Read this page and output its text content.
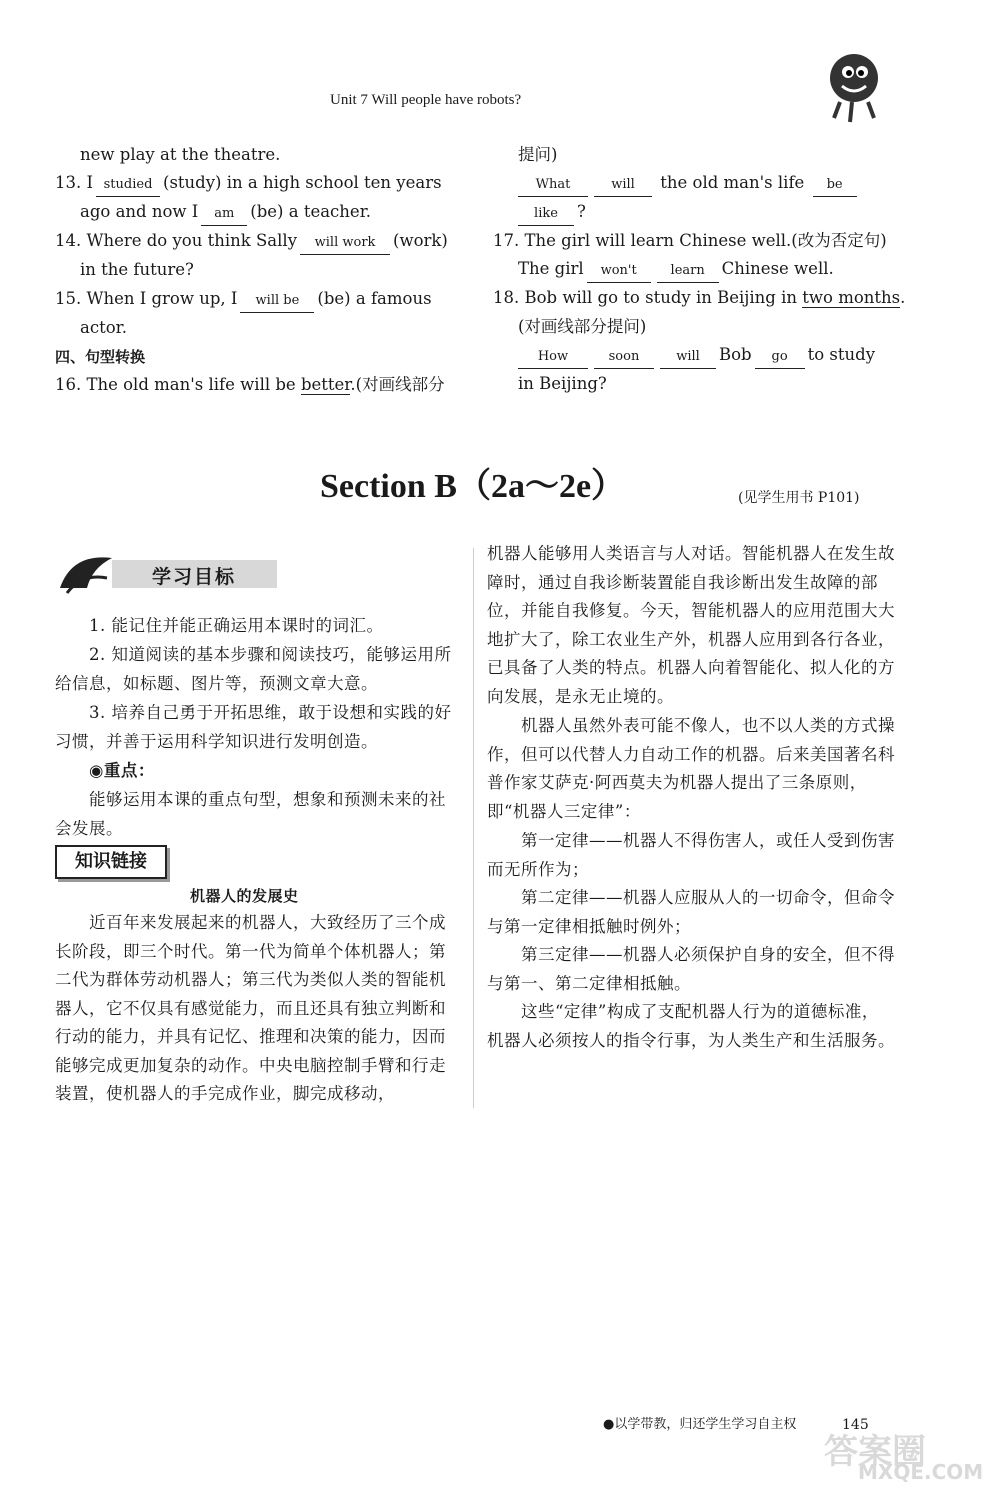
Unit 7 Will people have robots?
new play at the theatre.
13. I studied (study) in a high school ten years
ago and now I am (be) a teacher.
14. Where do you think Sally will work (work)
in the future?
15. When I grow up, I will be (be) a famous
actor.
四、句型转换
16. The old man's life will be better.(对画线部分
提问)
What	will the old man's life be
like ?
17. The girl will learn Chinese well.(改为否定句)
The girl won't	learn Chinese well.
18. Bob will go to study in Beijing in two months.
(对画线部分提问)
How	soon	will Bob go to study
in Beijing?
Section B（2a～2e）	(见学生用书 P101)
学习目标
1. 能记住并能正确运用本课时的词汇。
2. 知道阅读的基本步骤和阅读技巧，能够运用所给信息，如标题、图片等，预测文章大意。
3. 培养自己勇于开拓思维，敢于设想和实践的好习惯，并善于运用科学知识进行发明创造。
◉重点：
能够运用本课的重点句型，想象和预测未来的社会发展。
知识链接
机器人的发展史
近百年来发展起来的机器人，大致经历了三个成长阶段，即三个时代。第一代为简单个体机器人；第二代为群体劳动机器人；第三代为类似人类的智能机器人，它不仅具有感觉能力，而且还具有独立判断和行动的能力，并具有记忆、推理和决策的能力，因而能够完成更加复杂的动作。中央电脑控制手臂和行走装置，使机器人的手完成作业，脚完成移动，
机器人能够用人类语言与人对话。智能机器人在发生故障时，通过自我诊断装置能自我诊断出发生故障的部位，并能自我修复。今天，智能机器人的应用范围大大地扩大了，除工农业生产外，机器人应用到各行各业，已具备了人类的特点。机器人向着智能化、拟人化的方向发展，是永无止境的。
机器人虽然外表可能不像人，也不以人类的方式操作，但可以代替人力自动工作的机器。后来美国著名科普作家艾萨克·阿西莫夫为机器人提出了三条原则，即“机器人三定律”：
第一定律——机器人不得伤害人，或任人受到伤害而无所作为；
第二定律——机器人应服从人的一切命令，但命令与第一定律相抵触时例外；
第三定律——机器人必须保护自身的安全，但不得与第一、第二定律相抵触。
这些“定律”构成了支配机器人行为的道德标准，机器人必须按人的指令行事，为人类生产和生活服务。
●以学带教，归还学生学习自主权	145
答案圈
MXQE.COM
